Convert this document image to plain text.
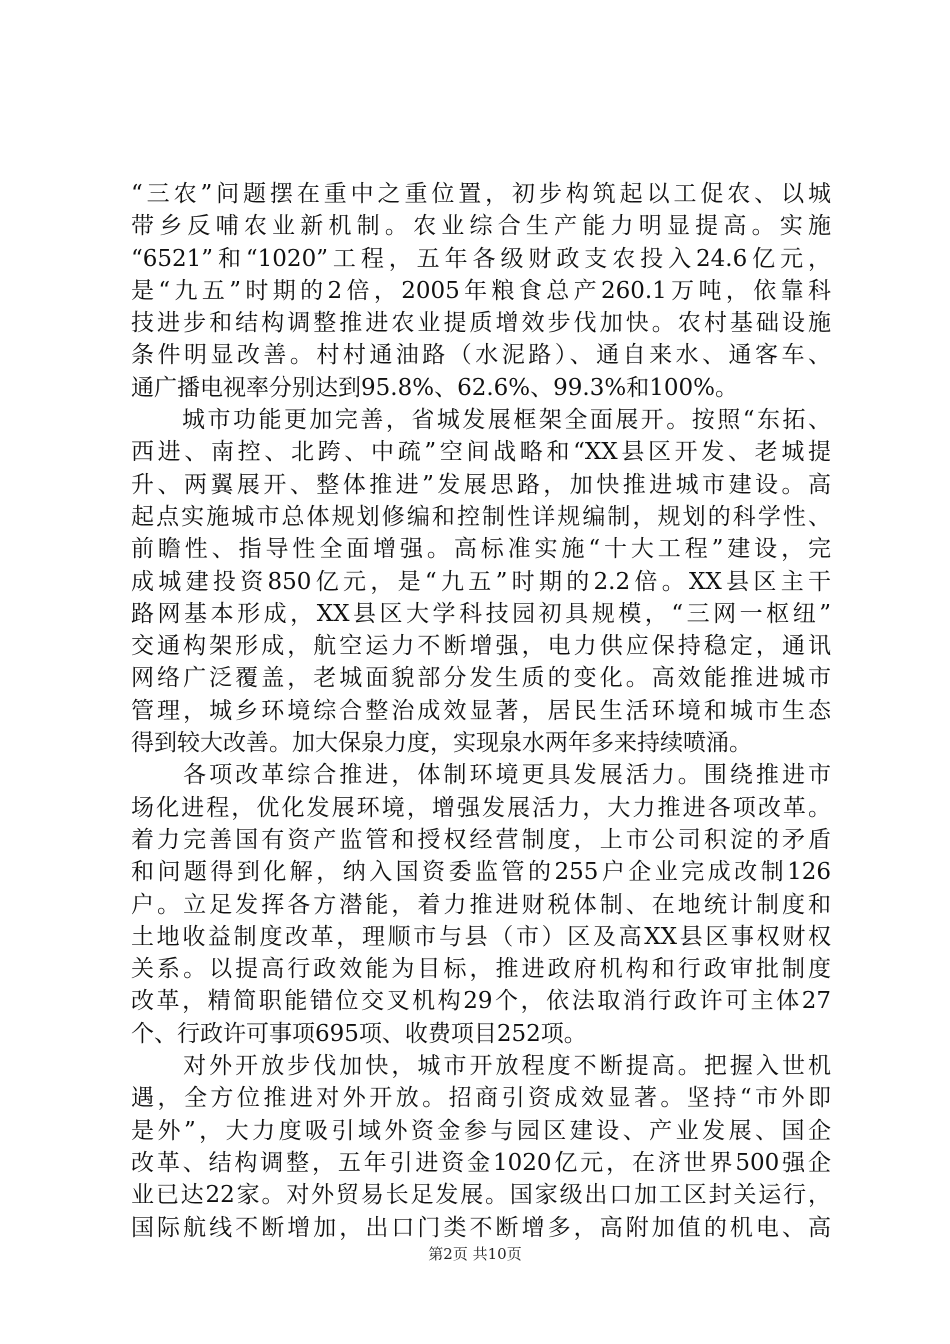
“三农”问题摆在重中之重位置，初步构筑起以工促农、以城
带乡反哺农业新机制。农业综合生产能力明显提高。实施
“6521”和“1020”工程，五年各级财政支农投入24.6亿元，
是“九五”时期的2倍，2005年粮食总产260.1万吨，依靠科
技进步和结构调整推进农业提质增效步伐加快。农村基础设施
条件明显改善。村村通油路（水泥路）、通自来水、通客车、
通广播电视率分别达到95.8%、62.6%、99.3%和100%。
　　城市功能更加完善，省城发展框架全面展开。按照“东拓、
西进、南控、北跨、中疏”空间战略和“XX县区开发、老城提
升、两翼展开、整体推进”发展思路，加快推进城市建设。高
起点实施城市总体规划修编和控制性详规编制，规划的科学性、
前瞻性、指导性全面增强。高标准实施“十大工程”建设，完
成城建投资850亿元，是“九五”时期的2.2倍。XX县区主干
路网基本形成，XX县区大学科技园初具规模，“三网一枢纽”
交通构架形成，航空运力不断增强，电力供应保持稳定，通讯
网络广泛覆盖，老城面貌部分发生质的变化。高效能推进城市
管理，城乡环境综合整治成效显著，居民生活环境和城市生态
得到较大改善。加大保泉力度，实现泉水两年多来持续喷涌。
　　各项改革综合推进，体制环境更具发展活力。围绕推进市
场化进程，优化发展环境，增强发展活力，大力推进各项改革。
着力完善国有资产监管和授权经营制度，上市公司积淀的矛盾
和问题得到化解，纳入国资委监管的255户企业完成改制126
户。立足发挥各方潜能，着力推进财税体制、在地统计制度和
土地收益制度改革，理顺市与县（市）区及高XX县区事权财权
关系。以提高行政效能为目标，推进政府机构和行政审批制度
改革，精简职能错位交叉机构29个，依法取消行政许可主体27
个、行政许可事项695项、收费项目252项。
　　对外开放步伐加快，城市开放程度不断提高。把握入世机
遇，全方位推进对外开放。招商引资成效显著。坚持“市外即
是外”，大力度吸引域外资金参与园区建设、产业发展、国企
改革、结构调整，五年引进资金1020亿元，在济世界500强企
业已达22家。对外贸易长足发展。国家级出口加工区封关运行，
国际航线不断增加，出口门类不断增多，高附加值的机电、高
第2页 共10页
